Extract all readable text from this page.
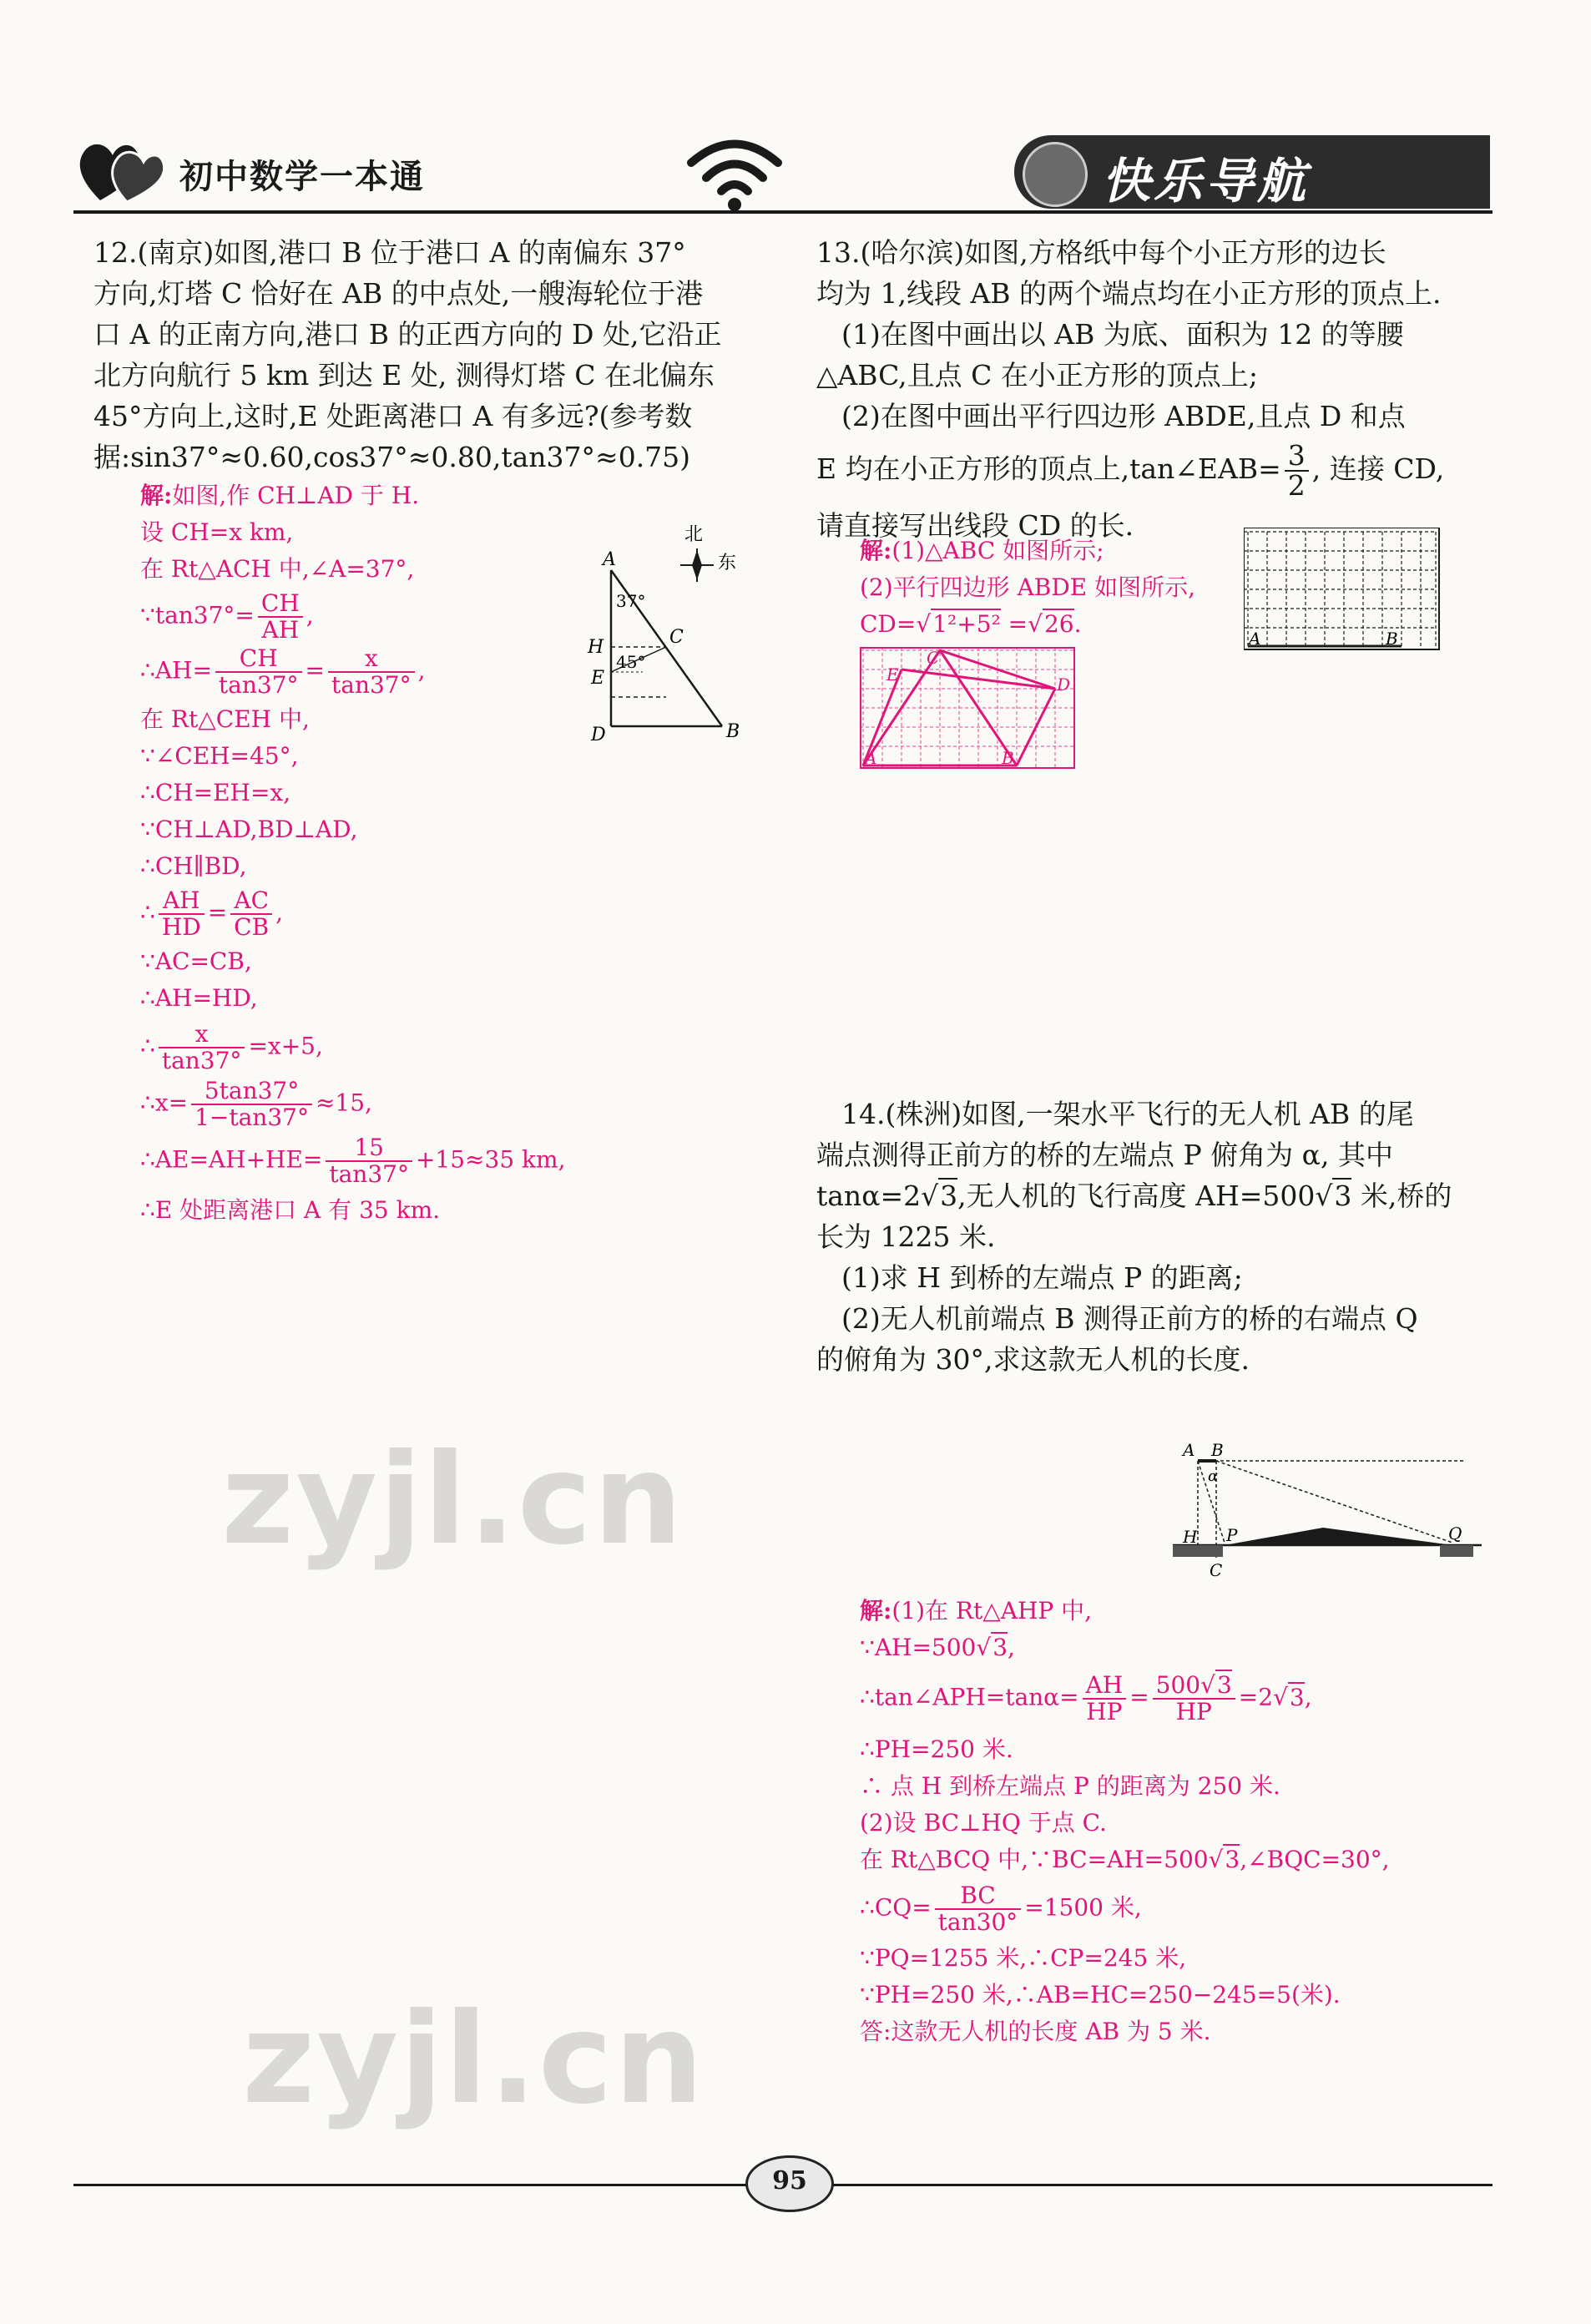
初中数学一本通	快乐导航

12.(南京)如图,港口 B 位于港口 A 的南偏东 37°

方向,灯塔 C 恰好在 AB 的中点处,一艘海轮位于港

口 A 的正南方向,港口 B 的正西方向的 D 处,它沿正

北方向航行 5 km 到达 E 处, 测得灯塔 C 在北偏东

45°方向上,这时,E 处距离港口 A 有多远?(参考数

据:sin37°≈0.60,cos37°≈0.80,tan37°≈0.75)

解:如图,作 CH⊥AD 于 H.
设 CH=x km,
在 Rt△ACH 中,∠A=37°,
∵tan37°= $\frac{CH}{AH}$ ,
∴AH= $\frac{CH}{\tan 37^\circ} = \frac{x}{\tan 37^\circ}$ ,
在 Rt△CEH 中,
∵∠CEH=45°,
∴CH=EH=x,
∵CH⊥AD,BD⊥AD,
∴CH∥BD,
∴ $\frac{AH}{HD} = \frac{AC}{CB}$ ,
∵AC=CB,
∴AH=HD,
∴ $\frac{x}{\tan 37^\circ} =x+5$,
∴x= $\frac{5\tan 37^\circ}{1-\tan 37^\circ} \approx 15$,
∴AE=AH+HE= $\frac{15}{\tan 37^\circ} +15\approx 35$ km,
∴E 处距离港口 A 有 35 km.
北
东
A
37°
H	C
45°
E
D	B

13.(哈尔滨)如图,方格纸中每个小正方形的边长

均为 1,线段 AB 的两个端点均在小正方形的顶点上.

(1)在图中画出以 AB 为底、面积为 12 的等腰

△ABC,且点 C 在小正方形的顶点上;

(2)在图中画出平行四边形 ABDE,且点 D 和点

E 均在小正方形的顶点上,tan∠EAB= $\frac{3}{2}$ , 连接 CD,

请直接写出线段 CD 的长.

解:(1)△ABC 如图所示;
(2)平行四边形 ABDE 如图所示,
CD=√1²+5² =√26.
A	B
A	B
C
E	D

14.(株洲)如图,一架水平飞行的无人机 AB 的尾

端点测得正前方的桥的左端点 P 俯角为 α, 其中

tanα=2√3,无人机的飞行高度 AH=500√3 米,桥的

长为 1225 米.

(1)求 H 到桥的左端点 P 的距离;

(2)无人机前端点 B 测得正前方的桥的右端点 Q

的俯角为 30°,求这款无人机的长度.

A B
α
H P	Q
C
解:(1)在 Rt△AHP 中,
∵AH=500√3,
∴tan∠APH=tanα= $\frac{AH}{HP} = \frac{500√3}{HP} =2√3$,
∴PH=250 米.
∴ 点 H 到桥左端点 P 的距离为 250 米.
(2)设 BC⊥HQ 于点 C.
在 Rt△BCQ 中,∵BC=AH=500√3,∠BQC=30°,
∴CQ= $\frac{BC}{\tan 30^\circ} =1500$ 米,
∵PQ=1255 米,∴CP=245 米,
∵PH=250 米,∴AB=HC=250−245=5(米).
答:这款无人机的长度 AB 为 5 米.
zyjl.cn
zyjl.cn
95
